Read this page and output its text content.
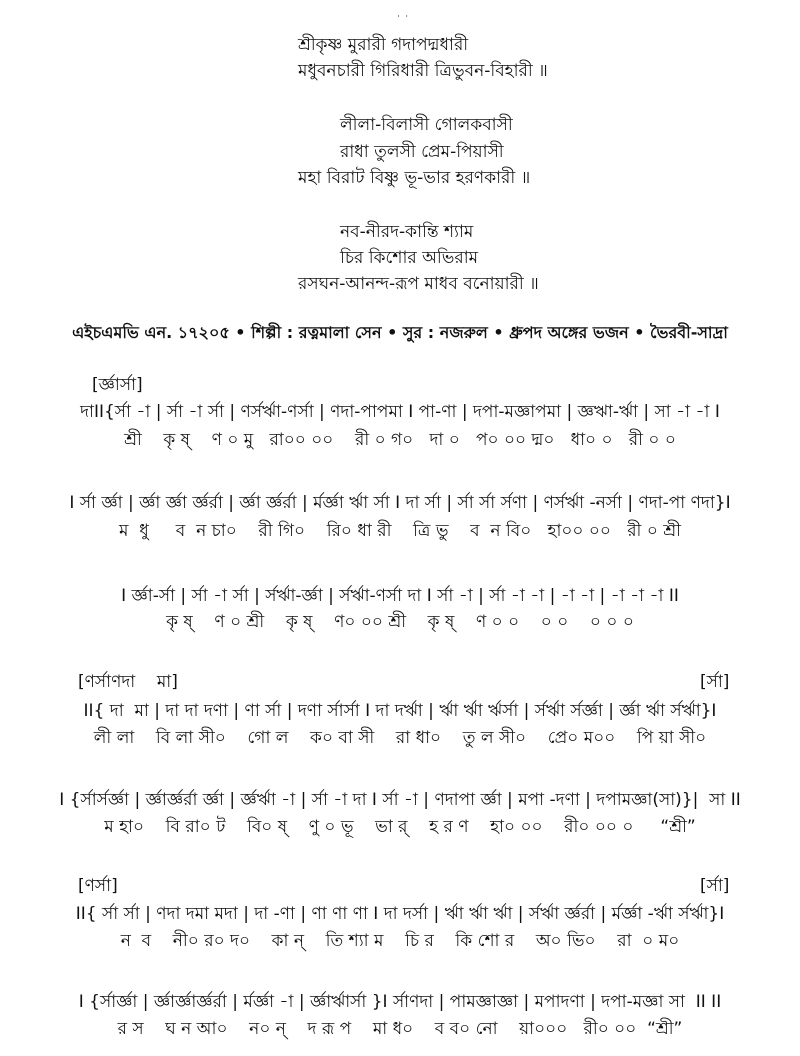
˙ ˙
শ্রীকৃষ্ণ মুরারী গদাপদ্মধারী
মধুবনচারী গিরিধারী ত্রিভুবন-বিহারী ॥
লীলা-বিলাসী গোলকবাসী
রাধা তুলসী প্রেম-পিয়াসী
মহা বিরাট বিষ্ণু ভূ-ভার হরণকারী ॥
নব-নীরদ-কান্তি শ্যাম
চির কিশোর অভিরাম
রসঘন-আনন্দ-রূপ মাধব বনোয়ারী ॥
এইচএমভি এন. ১৭২০৫ • শিল্পী : রত্নমালা সেন • সুর : নজরুল • ধ্রুপদ অঙ্গের ভজন • ভৈরবী-সাদ্রা
[র্জ্ঞার্সা]
দাII{র্সা -া | র্সা -া র্সা | ণর্সর্ঋা-ণর্সা | ণদা-পাপমা I পা-ণা | দপা-মজ্ঞাপমা | জ্ঞঋা-র্ঋা | সা -া -া I
শ্রী    কৃ ষ্    ণ ০ মু   রা০০ ০০    রী ০ গ০   দা ০   প০ ০০ দ্ম০   ধা০ ০   রী ০ ০
I র্সা র্জ্ঞা | র্জ্ঞা র্জ্ঞা র্জ্ঞর্রা | র্জ্ঞা র্জ্ঞর্রা | র্মর্জ্ঞা র্ঋা র্সা I দা র্সা | র্সা র্সা র্সণা | ণর্সর্ঋা -নর্সা | ণদা-পা ণদা}I
ম  ধু     ব  ন চা০    রী গি০    রি০ ধা রী    ত্রি ভু    ব  ন বি০   হা০০ ০০   রী ০ শ্রী
I র্জ্ঞা-র্সা | র্সা -া র্সা | র্সর্ঋা-র্জ্ঞা | র্সর্ঋা-ণর্সা দা I র্সা -া | র্সা -া -া | -া -া | -া -া -া II
কৃ ষ্    ণ ০ শ্রী    কৃ ষ্    ণ০ ০০ শ্রী    কৃ ষ্    ণ ০ ০    ০ ০    ০ ০ ০
[ণর্সাণদা    মা]	[র্সা]
II{ দা  মা | দা দা দণা | ণা র্সা | দণা র্সার্সা I দা দর্ঋা | র্ঋা র্ঋা র্ঋর্সা | র্সর্ঋা র্সর্জ্ঞা | র্জ্ঞা র্ঋা র্সর্ঋা}I
লী লা    বি লা সী০    গো ল    ক০ বা সী    রা ধা০    তু ল সী০    প্রে০ ম০০    পি য়া সী০
I {র্সার্সর্জ্ঞা | র্জ্ঞার্জ্ঞর্রা র্জ্ঞা | র্জ্ঞর্ঋা -া | র্সা -া দা I র্সা -া | ণদাপা র্জ্ঞা | মপা -দণা | দপামজ্ঞা(সা)}|  সা II
ম হা০    বি রা০ ট    বি০ ষ্    ণু ০ ভূ    ভা র্    হ র ণ    হা০ ০০    রী০ ০০ ০     “শ্রী”
[ণর্সা]	[র্সা]
II{ র্সা র্সা | ণদা দমা মদা | দা -ণা | ণা ণা ণা I দা দর্সা | র্ঋা র্ঋা র্ঋা | র্সর্ঋা র্জ্ঞর্রা | র্মর্জ্ঞা -র্ঋা র্সর্ঋা}I
ন  ব    নী০ র০ দ০    কা ন্    তি শ্যা ম    চি র    কি শো র    অ০ ভি০    রা  ০ ম০
I {র্সার্জ্ঞা | র্জ্ঞার্জ্ঞার্জ্ঞর্রা | র্মর্জ্ঞা -া | র্জ্ঞার্ঋার্সা }I র্সাণদা | পামজ্ঞাজ্ঞা | মপাদণা | দপা-মজ্ঞা সা  II II
র স    ঘ ন আ০    ন০ ন্    দ রূ প    মা ধ০    ব ব০ নো    য়া০০০   রী০ ০০  “শ্রী”
